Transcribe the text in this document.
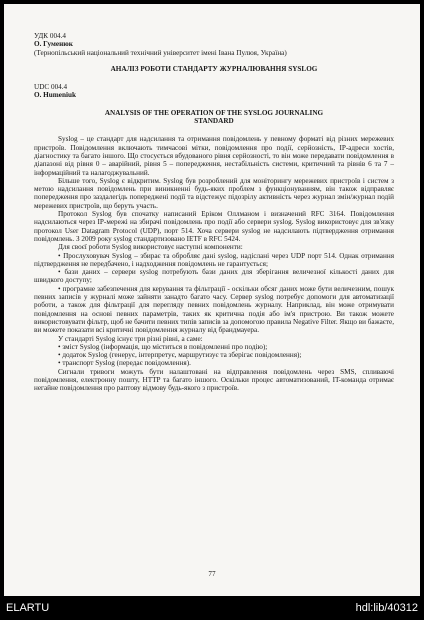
УДК 004.4
О. Гуменюк
(Тернопільський національний технічний університет імені Івана Пулюя, Україна)
АНАЛІЗ РОБОТИ СТАНДАРТУ ЖУРНАЛЮВАННЯ SYSLOG
UDC 004.4
O. Humeniuk
ANALYSIS OF THE OPERATION OF THE SYSLOG JOURNALING
STANDARD

Syslog – це стандарт для надсилання та отримання повідомлень у певному форматі від різних мережевих пристроїв. Повідомлення включають тимчасові мітки, повідомлення про події, серйозність, IP-адреси хостів, діагностику та багато іншого. Що стосується вбудованого рівня серйозності, то він може передавати повідомлення в діапазоні від рівня 0 – аварійний, рівня 5 – попередження, нестабільність системи, критичний та рівнів 6 та 7 – інформаційний та налагоджувальний.

Більше того, Syslog є відкритим. Syslog був розроблений для моніторингу мережевих пристроїв і систем з метою надсилання повідомлень при виникненні будь-яких проблем з функціонуванням, він також відправляє попередження про заздалегідь попереджені події та відстежує підозрілу активність через журнал змін/журнал подій мережевих пристроїв, що беруть участь.

Протокол Syslog був спочатку написаний Еріком Оллманом і визначений RFC 3164. Повідомлення надсилаються через IP-мережі на збирачі повідомлень про події або сервери syslog. Syslog використовує для зв'язку протокол User Datagram Protocol (UDP), порт 514. Хоча сервери syslog не надсилають підтвердження отримання повідомлень. З 2009 року syslog стандартизовано IETF в RFC 5424.

Для своєї роботи Syslog використовує наступні компоненти:

• Прослуховувач Syslog – збирає та обробляє дані syslog, надіслані через UDP порт 514. Однак отримання підтвердження не передбачено, і надходження повідомлень не гарантується;

• бази даних – сервери syslog потребують бази даних для зберігання величезної кількості даних для швидкого доступу;

• програмне забезпечення для керування та фільтрації - оскільки обсяг даних може бути величезним, пошук певних записів у журналі може зайняти занадто багато часу. Сервер syslog потребує допомоги для автоматизації роботи, а також для фільтрації для перегляду певних повідомлень журналу. Наприклад, він може отримувати повідомлення на основі певних параметрів, таких як критична подія або ім'я пристрою. Ви також можете використовувати фільтр, щоб не бачити певних типів записів за допомогою правила Negative Filter. Якщо ви бажаєте, ви можете показати всі критичні повідомлення журналу від брандмауера.

У стандарті Syslog існує три різні рівні, а саме:

• зміст Syslog (інформація, що міститься в повідомленні про подію);

• додаток Syslog (генерує, інтерпретує, маршрутизує та зберігає повідомлення);

• транспорт Syslog (передає повідомлення).

Сигнали тривоги можуть бути налаштовані на відправлення повідомлень через SMS, спливаючі повідомлення, електронну пошту, HTTP та багато іншого. Оскільки процес автоматизований, IT-команда отримає негайне повідомлення про раптову відмову будь-якого з пристроїв.

77
ELARTU	hdl:lib/40312
